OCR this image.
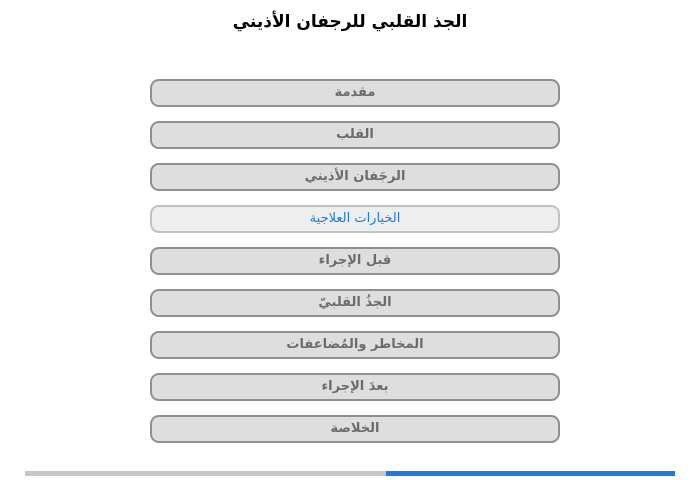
الجذ القلبي للرجفان الأذيني
مقدمة
القلب
الرجَفان الأذيني
الخيارات العلاجية
قبل الإجراء
الجذُ القلبيّ
المخاطر والمُضاعفات
بعدَ الإجراء
الخلاصة
